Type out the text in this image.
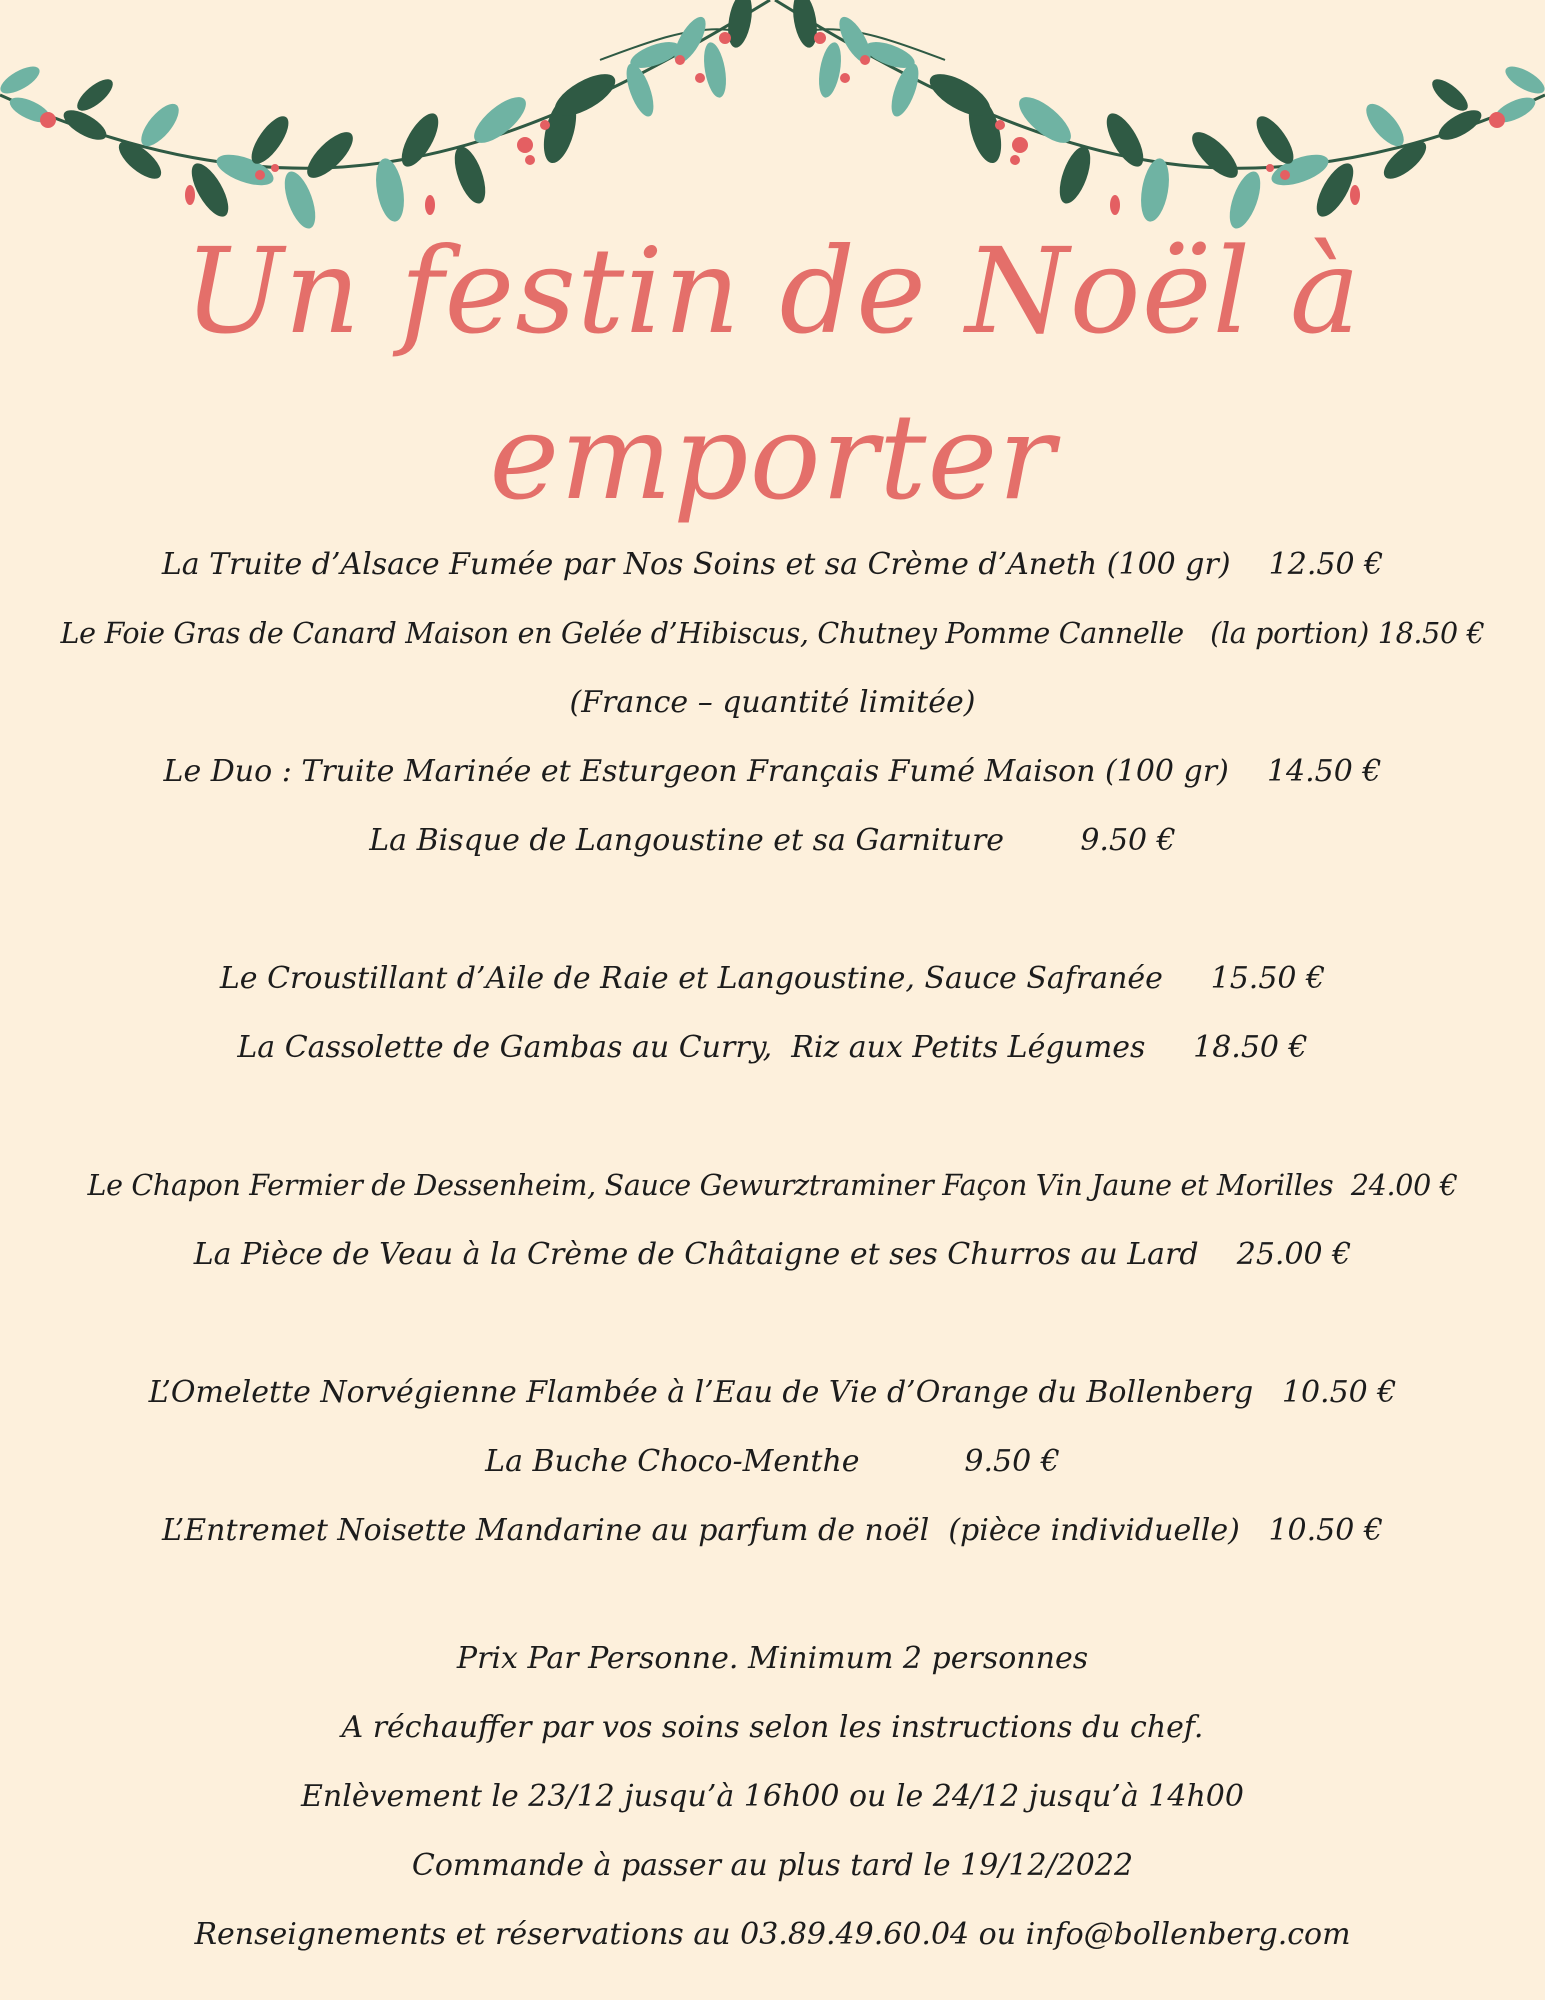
Un festin de Noël à
emporter
La Truite d’Alsace Fumée par Nos Soins et sa Crème d’Aneth (100 gr)    12.50 €
Le Foie Gras de Canard Maison en Gelée d’Hibiscus, Chutney Pomme Cannelle   (la portion) 18.50 €
(France – quantité limitée)
Le Duo : Truite Marinée et Esturgeon Français Fumé Maison (100 gr)    14.50 €
La Bisque de Langoustine et sa Garniture        9.50 €
Le Croustillant d’Aile de Raie et Langoustine, Sauce Safranée     15.50 €
La Cassolette de Gambas au Curry,  Riz aux Petits Légumes     18.50 €
Le Chapon Fermier de Dessenheim, Sauce Gewurztraminer Façon Vin Jaune et Morilles  24.00 €
La Pièce de Veau à la Crème de Châtaigne et ses Churros au Lard    25.00 €
L’Omelette Norvégienne Flambée à l’Eau de Vie d’Orange du Bollenberg   10.50 €
La Buche Choco-Menthe           9.50 €
L’Entremet Noisette Mandarine au parfum de noël  (pièce individuelle)   10.50 €
Prix Par Personne. Minimum 2 personnes
A réchauffer par vos soins selon les instructions du chef.
Enlèvement le 23/12 jusqu’à 16h00 ou le 24/12 jusqu’à 14h00
Commande à passer au plus tard le 19/12/2022
Renseignements et réservations au 03.89.49.60.04 ou info@bollenberg.com
